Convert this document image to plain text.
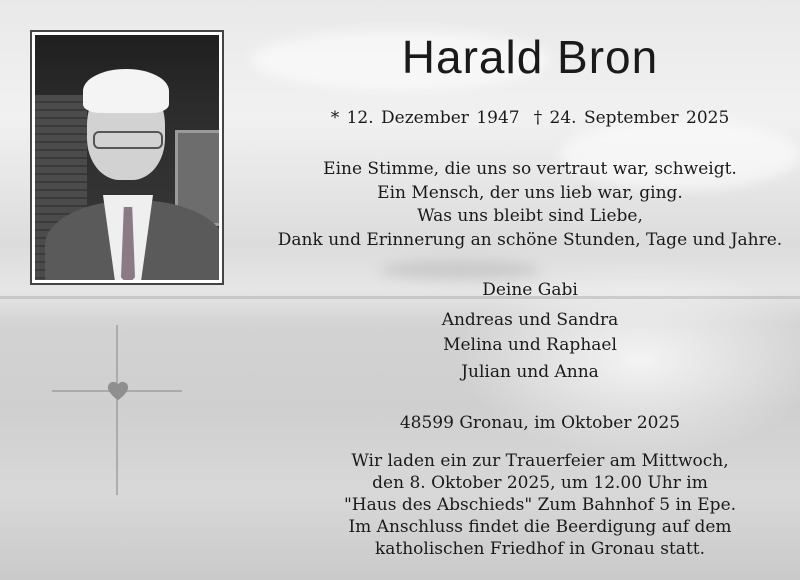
Harald Bron
* 12. Dezember 1947 † 24. September 2025
Eine Stimme, die uns so vertraut war, schweigt.
Ein Mensch, der uns lieb war, ging.
Was uns bleibt sind Liebe,
Dank und Erinnerung an schöne Stunden, Tage und Jahre.
Deine Gabi
Andreas und Sandra
Melina und Raphael
Julian und Anna
48599 Gronau, im Oktober 2025
Wir laden ein zur Trauerfeier am Mittwoch,
den 8. Oktober 2025, um 12.00 Uhr im
"Haus des Abschieds" Zum Bahnhof 5 in Epe.
Im Anschluss findet die Beerdigung auf dem
katholischen Friedhof in Gronau statt.
